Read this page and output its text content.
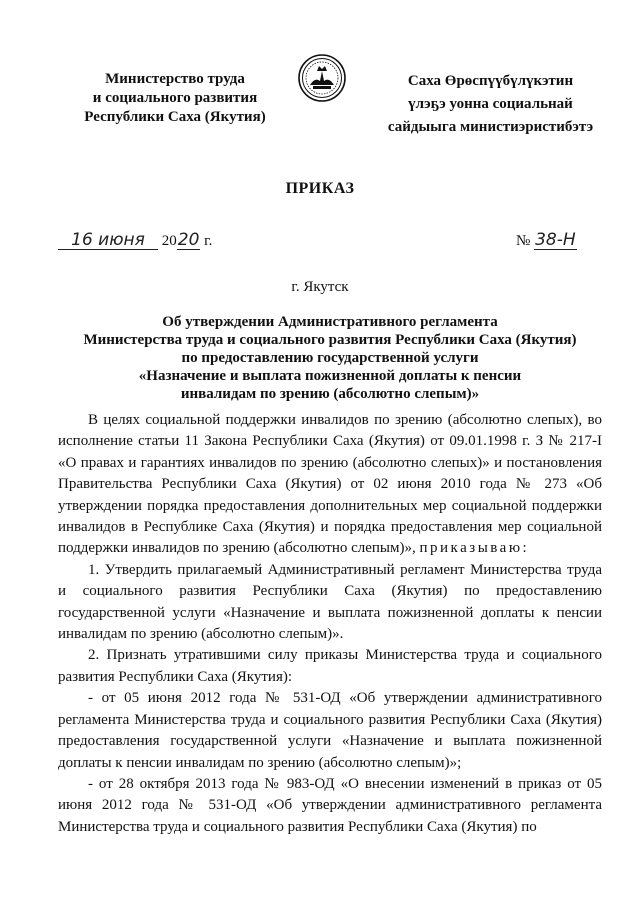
Министерство труда
и социального развития
Республики Саха (Якутия)
Саха Өрөспүүбүлүкэтин
үлэҕэ уонна социальнай
сайдыыга министиэристибэтэ
ПРИКАЗ
16 июня 2020 г.	№ 38-Н
г. Якутск
Об утверждении Административного регламента
Министерства труда и социального развития Республики Саха (Якутия)
по предоставлению государственной услуги
«Назначение и выплата пожизненной доплаты к пенсии
инвалидам по зрению (абсолютно слепым)»

В целях социальной поддержки инвалидов по зрению (абсолютно слепых), во исполнение статьи 11 Закона Республики Саха (Якутия) от 09.01.1998 г. З № 217-I «О правах и гарантиях инвалидов по зрению (абсолютно слепых)» и постановления Правительства Республики Саха (Якутия) от 02 июня 2010 года № 273 «Об утверждении порядка предоставления дополнительных мер социальной поддержки инвалидов в Республике Саха (Якутия) и порядка предоставления мер социальной поддержки инвалидов по зрению (абсолютно слепым)», приказываю:

1. Утвердить прилагаемый Административный регламент Министерства труда и социального развития Республики Саха (Якутия) по предоставлению государственной услуги «Назначение и выплата пожизненной доплаты к пенсии инвалидам по зрению (абсолютно слепым)».

2. Признать утратившими силу приказы Министерства труда и социального развития Республики Саха (Якутия):

- от 05 июня 2012 года № 531-ОД «Об утверждении административного регламента Министерства труда и социального развития Республики Саха (Якутия) предоставления государственной услуги «Назначение и выплата пожизненной доплаты к пенсии инвалидам по зрению (абсолютно слепым)»;

- от 28 октября 2013 года № 983-ОД «О внесении изменений в приказ от 05 июня 2012 года № 531-ОД «Об утверждении административного регламента Министерства труда и социального развития Республики Саха (Якутия) по
